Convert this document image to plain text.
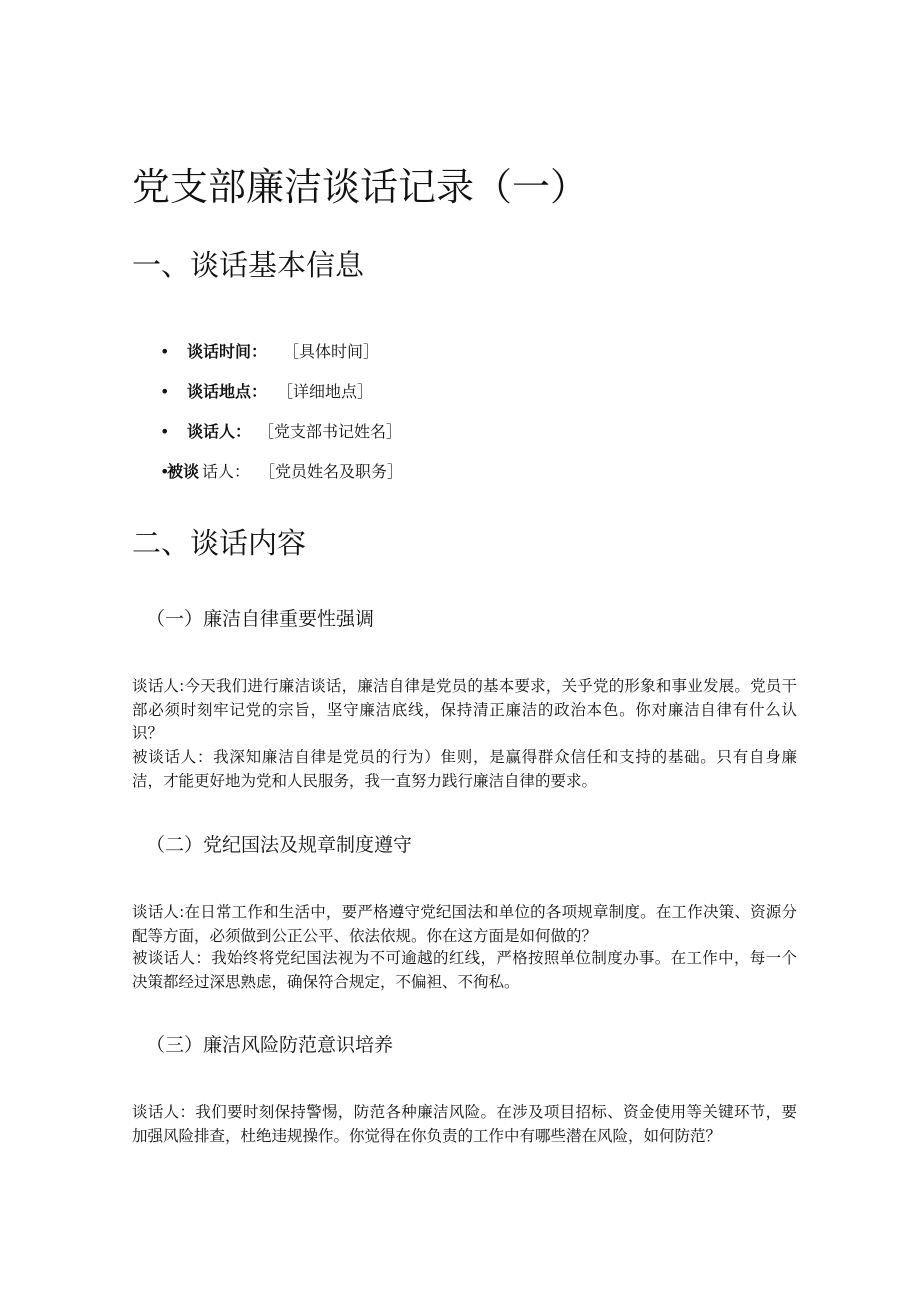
党支部廉洁谈话记录（一）
一、谈话基本信息
• 谈话时间： ［具体时间］
• 谈话地点： ［详细地点］
• 谈话人： ［党支部书记姓名］
•
被谈 话人： ［党员姓名及职务］
二、谈话内容
（一）廉洁自律重要性强调

谈话人:今天我们进行廉洁谈话，廉洁自律是党员的基本要求，关乎党的形象和事业发展。党员干部必须时刻牢记党的宗旨，坚守廉洁底线，保持清正廉洁的政治本色。你对廉洁自律有什么认识？

被谈话人：我深知廉洁自律是党员的行为）隹则，是赢得群众信任和支持的基础。只有自身廉洁，才能更好地为党和人民服务，我一直努力践行廉洁自律的要求。

（二）党纪国法及规章制度遵守

谈话人:在日常工作和生活中，要严格遵守党纪国法和单位的各项规章制度。在工作决策、资源分配等方面，必须做到公正公平、依法依规。你在这方面是如何做的？

被谈话人：我始终将党纪国法视为不可逾越的红线，严格按照单位制度办事。在工作中，每一个决策都经过深思熟虑，确保符合规定，不偏袒、不徇私。

（三）廉洁风险防范意识培养

谈话人：我们要时刻保持警惕，防范各种廉洁风险。在涉及项目招标、资金使用等关键环节，要加强风险排查，杜绝违规操作。你觉得在你负责的工作中有哪些潜在风险，如何防范？
